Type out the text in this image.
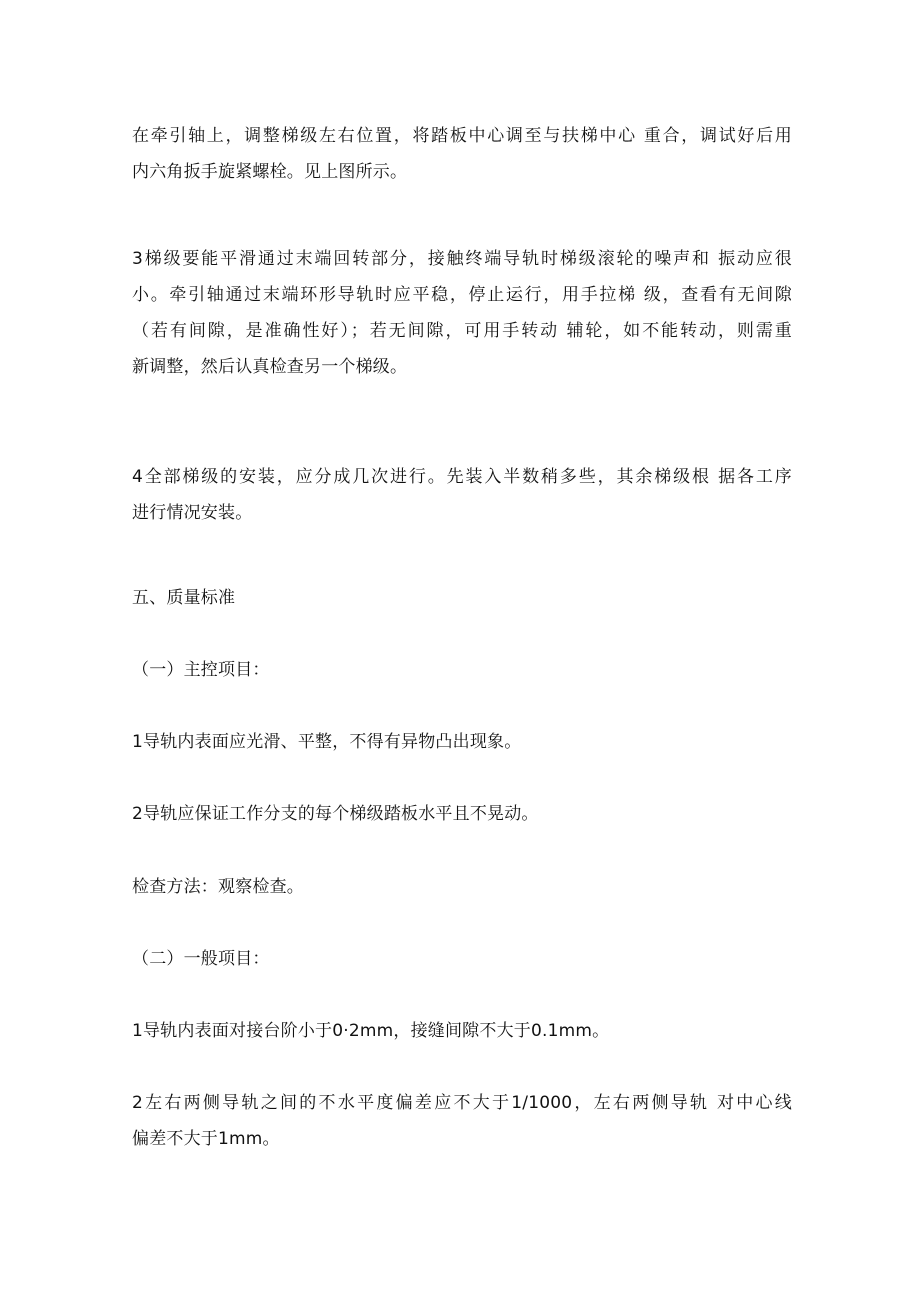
在牵引轴上，调整梯级左右位置，将踏板中心调至与扶梯中心 重合，调试好后用
内六角扳手旋紧螺栓。见上图所示。
3梯级要能平滑通过末端回转部分，接触终端导轨时梯级滚轮的噪声和 振动应很
小。牵引轴通过末端环形导轨时应平稳，停止运行，用手拉梯 级，查看有无间隙
（若有间隙，是准确性好）；若无间隙，可用手转动 辅轮，如不能转动，则需重
新调整，然后认真检查另一个梯级。
4全部梯级的安装，应分成几次进行。先装入半数稍多些，其余梯级根 据各工序
进行情况安装。
五、质量标准
（一）主控项目：
1导轨内表面应光滑、平整，不得有异物凸出现象。
2导轨应保证工作分支的每个梯级踏板水平且不晃动。
检查方法：观察检查。
（二）一般项目：
1导轨内表面对接台阶小于0·2mm，接缝间隙不大于0.1mm。
2左右两侧导轨之间的不水平度偏差应不大于1/1000，左右两侧导轨 对中心线
偏差不大于1mm。
